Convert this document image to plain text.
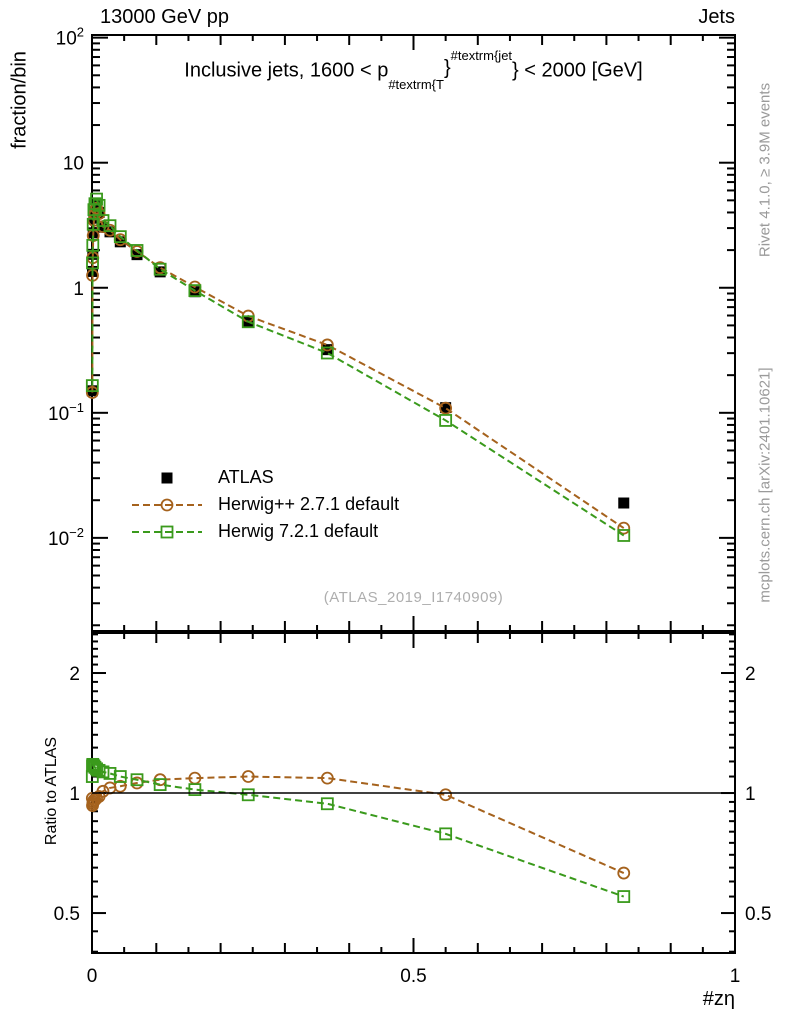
13000 GeV pp	Jets
$10^2$
10
1
$10^{-1}$
$10^{-2}$
2	2
1	1
0.5	0.5
0	0.5	1
Inclusive jets, $1600 < p_{\#textrm\{T}\}^{\#textrm\{jet}\} < 2000$ [GeV]
fraction/bin
Ratio to ATLAS
Rivet 4.1.0, ≥ 3.9M events
mcplots.cern.ch [arXiv:2401.10621]
(ATLAS_2019_I1740909)
ATLAS
Herwig++ 2.7.1 default
Herwig 7.2.1 default
#zη
